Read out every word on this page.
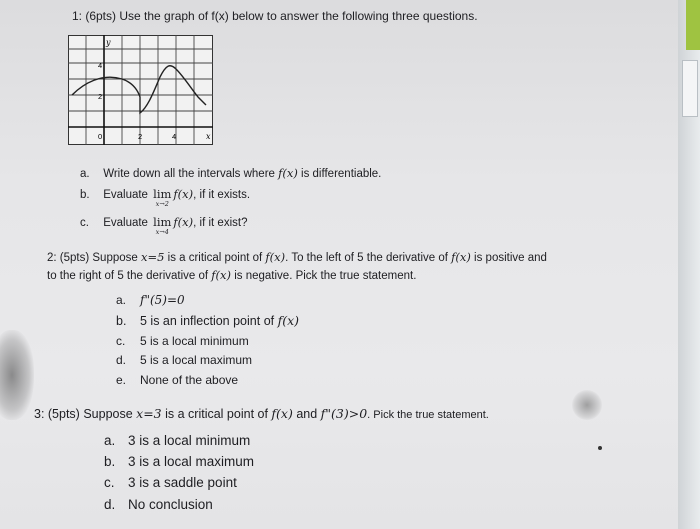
1: (6pts) Use the graph of f(x) below to answer the following three questions.
y
4
2
0	2	4	x
a. Write down all the intervals where f(x) is differentiable.
b. Evaluate lim
x→2
f(x), if it exists.
c. Evaluate lim
x→4
f(x), if it exist?
2: (5pts) Suppose x=5 is a critical point of f(x). To the left of 5 the derivative of f(x) is positive and
to the right of 5 the derivative of f(x) is negative. Pick the true statement.
a. f"(5)=0
b. 5 is an inflection point of f(x)
c. 5 is a local minimum
d. 5 is a local maximum
e. None of the above
3: (5pts) Suppose x=3 is a critical point of f(x) and f"(3)>0. Pick the true statement.
a. 3 is a local minimum
b. 3 is a local maximum
c. 3 is a saddle point
d. No conclusion
